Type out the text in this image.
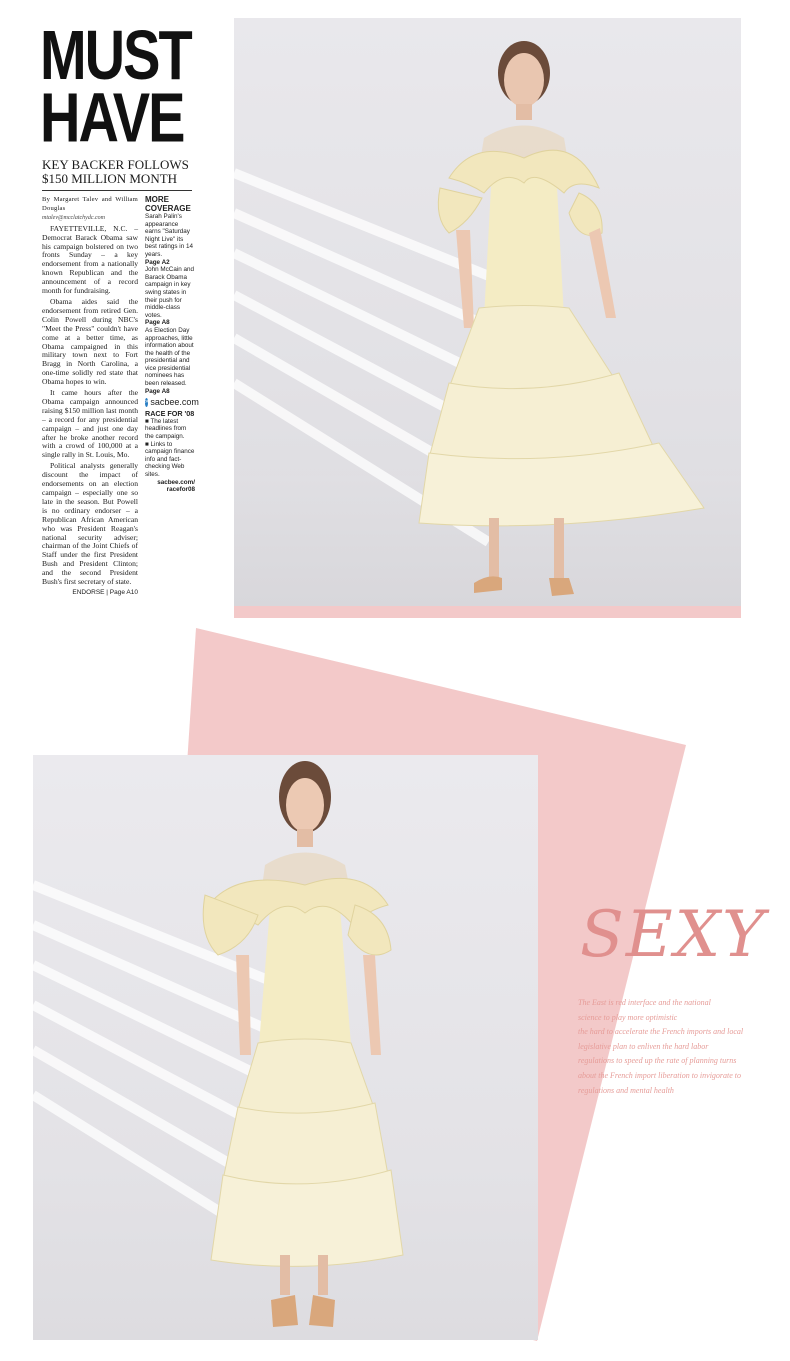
MUST
HAVE
KEY BACKER FOLLOWS $150 MILLION MONTH
By Margaret Talev and William Douglas
mtalev@mcclatchydc.com

FAYETTEVILLE, N.C. – Democrat Barack Obama saw his campaign bolstered on two fronts Sunday – a key endorsement from a nationally known Republican and the announcement of a record month for fundraising.

Obama aides said the endorsement from retired Gen. Colin Powell during NBC's "Meet the Press" couldn't have come at a better time, as Obama campaigned in this military town next to Fort Bragg in North Carolina, a one-time solidly red state that Obama hopes to win.

It came hours after the Obama campaign announced raising $150 million last month – a record for any presidential campaign – and just one day after he broke another record with a crowd of 100,000 at a single rally in St. Louis, Mo.

Political analysts generally discount the impact of endorsements on an election campaign – especially one so late in the season. But Powell is no ordinary endorser – a Republican African American who was President Reagan's national security adviser; chairman of the Joint Chiefs of Staff under the first President Bush and President Clinton; and the second President Bush's first secretary of state.

ENDORSE | Page A10
MORE COVERAGE
Sarah Palin's appearance earns "Saturday Night Live" its best ratings in 14 years.
Page A2
John McCain and Barack Obama campaign in key swing states in their push for middle-class votes.
Page A8
As Election Day approaches, little information about the health of the presidential and vice presidential nominees has been released.
Page A8
» sacbee.com
RACE FOR '08
■ The latest headlines from the campaign.
■ Links to campaign finance info and fact-checking Web sites.
sacbee.com/ racefor08
SEXY
The East is red interface and the national
science to play more optimistic
the hard to accelerate the French imports and local
legislative plan to enliven the hard labor
regulations to speed up the rate of planning turns
about the French import liberation to invigorate to
regulations and mental health
